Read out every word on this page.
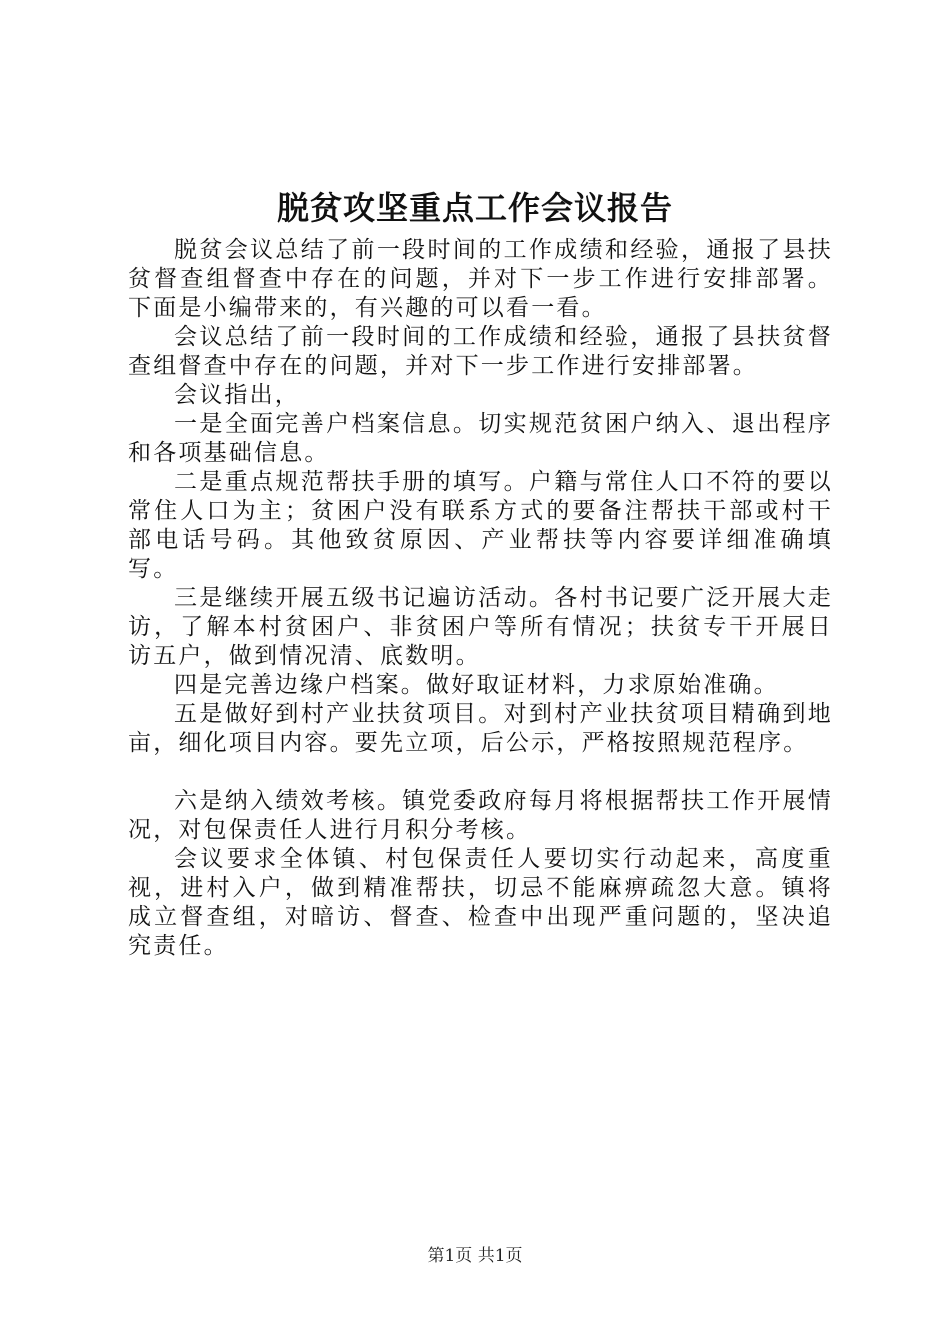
脱贫攻坚重点工作会议报告

脱贫会议总结了前一段时间的工作成绩和经验，通报了县扶贫督查组督查中存在的问题，并对下一步工作进行安排部署。下面是小编带来的，有兴趣的可以看一看。

会议总结了前一段时间的工作成绩和经验，通报了县扶贫督查组督查中存在的问题，并对下一步工作进行安排部署。

会议指出，

一是全面完善户档案信息。切实规范贫困户纳入、退出程序和各项基础信息。

二是重点规范帮扶手册的填写。户籍与常住人口不符的要以常住人口为主；贫困户没有联系方式的要备注帮扶干部或村干部电话号码。其他致贫原因、产业帮扶等内容要详细准确填写。

三是继续开展五级书记遍访活动。各村书记要广泛开展大走访，了解本村贫困户、非贫困户等所有情况；扶贫专干开展日访五户，做到情况清、底数明。

四是完善边缘户档案。做好取证材料，力求原始准确。

五是做好到村产业扶贫项目。对到村产业扶贫项目精确到地亩，细化项目内容。要先立项，后公示，严格按照规范程序。

六是纳入绩效考核。镇党委政府每月将根据帮扶工作开展情况，对包保责任人进行月积分考核。

会议要求全体镇、村包保责任人要切实行动起来，高度重视，进村入户，做到精准帮扶，切忌不能麻痹疏忽大意。镇将成立督查组，对暗访、督查、检查中出现严重问题的，坚决追究责任。

第1页 共1页
